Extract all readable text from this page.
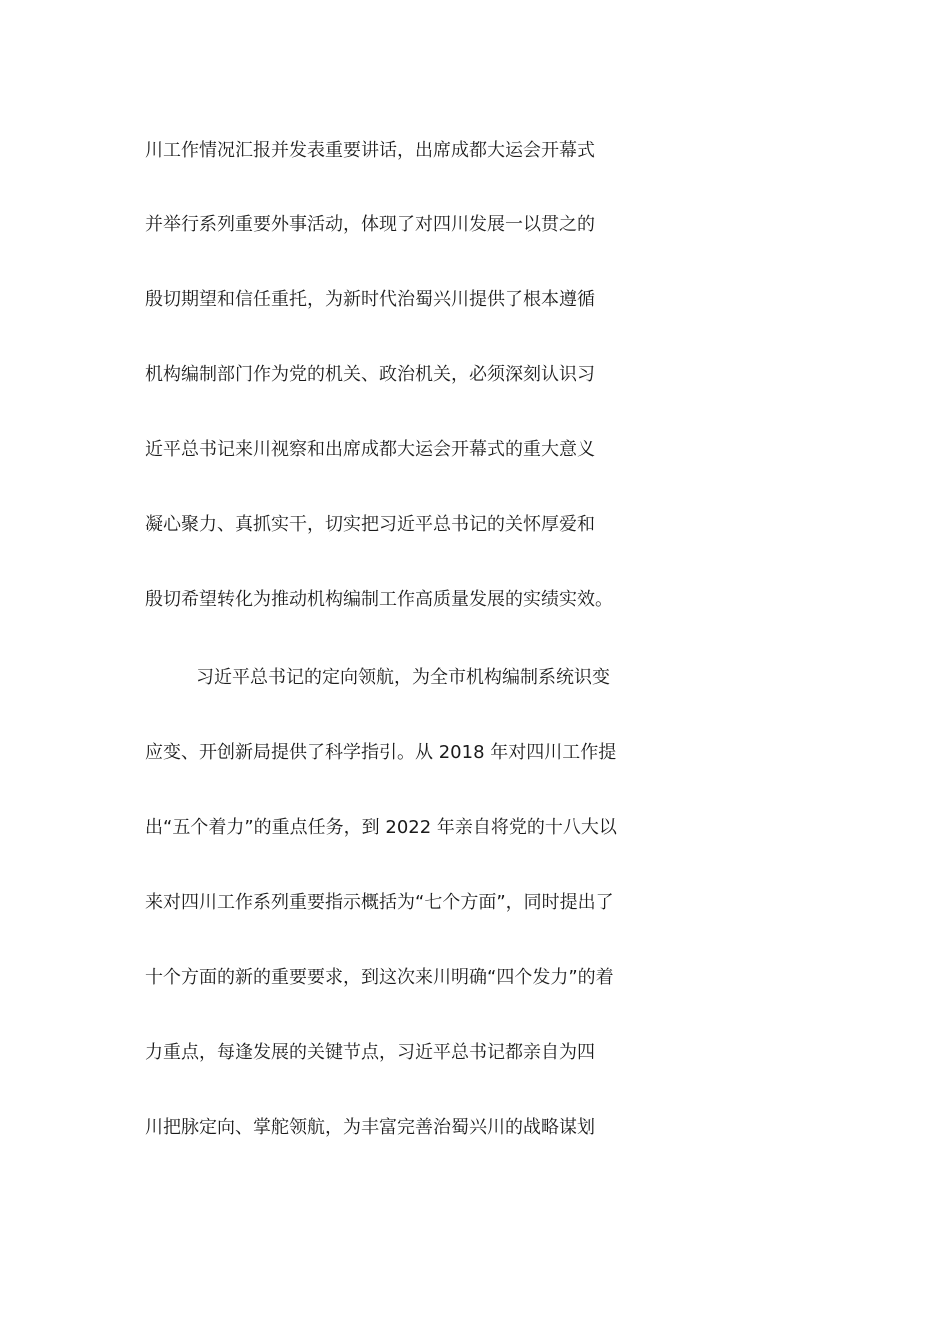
川工作情况汇报并发表重要讲话，出席成都大运会开幕式
并举行系列重要外事活动，体现了对四川发展一以贯之的
殷切期望和信任重托，为新时代治蜀兴川提供了根本遵循
机构编制部门作为党的机关、政治机关，必须深刻认识习
近平总书记来川视察和出席成都大运会开幕式的重大意义
凝心聚力、真抓实干，切实把习近平总书记的关怀厚爱和
殷切希望转化为推动机构编制工作高质量发展的实绩实效。
习近平总书记的定向领航，为全市机构编制系统识变
应变、开创新局提供了科学指引。从 2018 年对四川工作提
出“五个着力”的重点任务，到 2022 年亲自将党的十八大以
来对四川工作系列重要指示概括为“七个方面”，同时提出了
十个方面的新的重要要求，到这次来川明确“四个发力”的着
力重点，每逢发展的关键节点，习近平总书记都亲自为四
川把脉定向、掌舵领航，为丰富完善治蜀兴川的战略谋划
